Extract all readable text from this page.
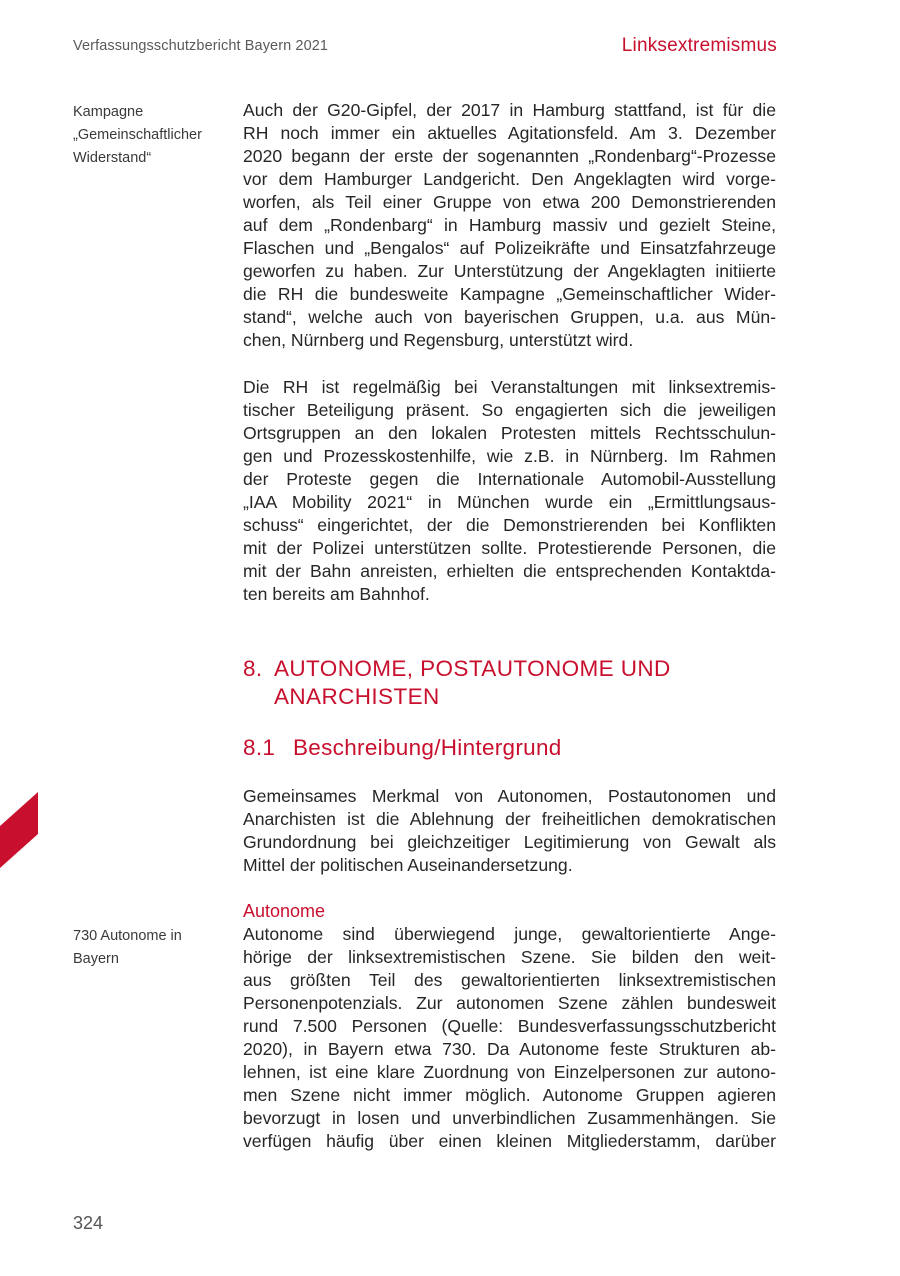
Verfassungsschutzbericht Bayern 2021	Linksextremismus
Kampagne
„Gemeinschaftlicher
Widerstand“

Auch der G20-Gipfel, der 2017 in Hamburg stattfand, ist für die
RH noch immer ein aktuelles Agitationsfeld. Am 3. Dezember
2020 begann der erste der sogenannten „Rondenbarg“-Prozesse
vor dem Hamburger Landgericht. Den Angeklagten wird vorge-
worfen, als Teil einer Gruppe von etwa 200 Demonstrierenden
auf dem „Rondenbarg“ in Hamburg massiv und gezielt Steine,
Flaschen und „Bengalos“ auf Polizeikräfte und Einsatzfahrzeuge
geworfen zu haben. Zur Unterstützung der Angeklagten initiierte
die RH die bundesweite Kampagne „Gemeinschaftlicher Wider-
stand“, welche auch von bayerischen Gruppen, u.a. aus Mün-
chen, Nürnberg und Regensburg, unterstützt wird.

Die RH ist regelmäßig bei Veranstaltungen mit linksextremis-
tischer Beteiligung präsent. So engagierten sich die jeweiligen
Ortsgruppen an den lokalen Protesten mittels Rechtsschulun-
gen und Prozesskostenhilfe, wie z.B. in Nürnberg. Im Rahmen
der Proteste gegen die Internationale Automobil-Ausstellung
„IAA Mobility 2021“ in München wurde ein „Ermittlungsaus-
schuss“ eingerichtet, der die Demonstrierenden bei Konflikten
mit der Polizei unterstützen sollte. Protestierende Personen, die
mit der Bahn anreisten, erhielten die entsprechenden Kontaktda-
ten bereits am Bahnhof.

8. AUTONOME, POSTAUTONOME UND
ANARCHISTEN
8.1 Beschreibung/Hintergrund

Gemeinsames Merkmal von Autonomen, Postautonomen und
Anarchisten ist die Ablehnung der freiheitlichen demokratischen
Grundordnung bei gleichzeitiger Legitimierung von Gewalt als
Mittel der politischen Auseinandersetzung.

Autonome
730 Autonome in
Bayern

Autonome sind überwiegend junge, gewaltorientierte Ange-
hörige der linksextremistischen Szene. Sie bilden den weit-
aus größten Teil des gewaltorientierten linksextremistischen
Personenpotenzials. Zur autonomen Szene zählen bundesweit
rund 7.500 Personen (Quelle: Bundesverfassungsschutzbericht
2020), in Bayern etwa 730. Da Autonome feste Strukturen ab-
lehnen, ist eine klare Zuordnung von Einzelpersonen zur autono-
men Szene nicht immer möglich. Autonome Gruppen agieren
bevorzugt in losen und unverbindlichen Zusammenhängen. Sie
verfügen häufig über einen kleinen Mitgliederstamm, darüber

324
